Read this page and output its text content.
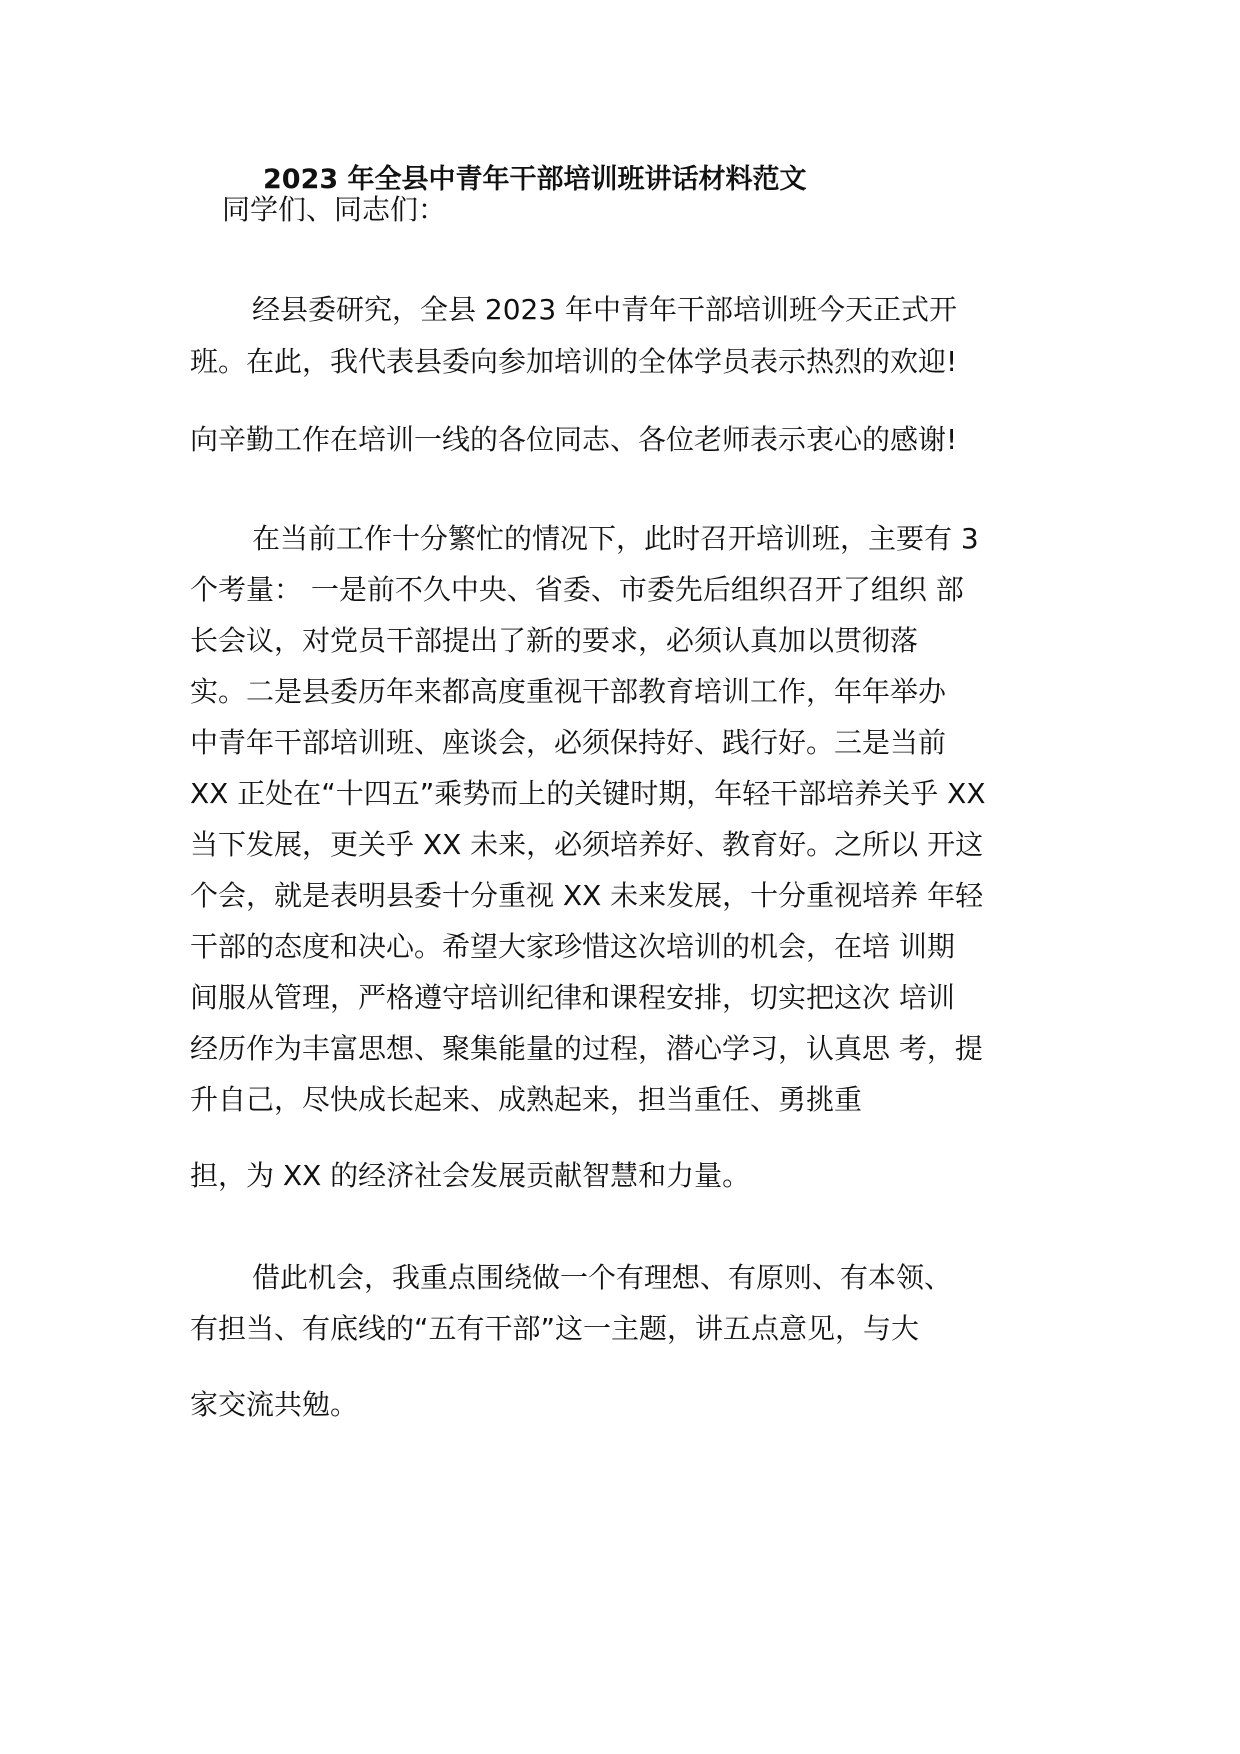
2023 年全县中青年干部培训班讲话材料范文
同学们、同志们：
经县委研究，全县 2023 年中青年干部培训班今天正式开
班。在此，我代表县委向参加培训的全体学员表示热烈的欢迎!
向辛勤工作在培训一线的各位同志、各位老师表示衷心的感谢!
在当前工作十分繁忙的情况下，此时召开培训班，主要有 3
个考量： 一是前不久中央、省委、市委先后组织召开了组织 部
长会议，对党员干部提出了新的要求，必须认真加以贯彻落
实。二是县委历年来都高度重视干部教育培训工作，年年举办
中青年干部培训班、座谈会，必须保持好、践行好。三是当前
XX 正处在“十四五”乘势而上的关键时期，年轻干部培养关乎 XX
当下发展，更关乎 XX 未来，必须培养好、教育好。之所以 开这
个会，就是表明县委十分重视 XX 未来发展，十分重视培养 年轻
干部的态度和决心。希望大家珍惜这次培训的机会，在培 训期
间服从管理，严格遵守培训纪律和课程安排，切实把这次 培训
经历作为丰富思想、聚集能量的过程，潜心学习，认真思 考，提
升自己，尽快成长起来、成熟起来，担当重任、勇挑重
担，为 XX 的经济社会发展贡献智慧和力量。
借此机会，我重点围绕做一个有理想、有原则、有本领、
有担当、有底线的“五有干部”这一主题，讲五点意见，与大
家交流共勉。
